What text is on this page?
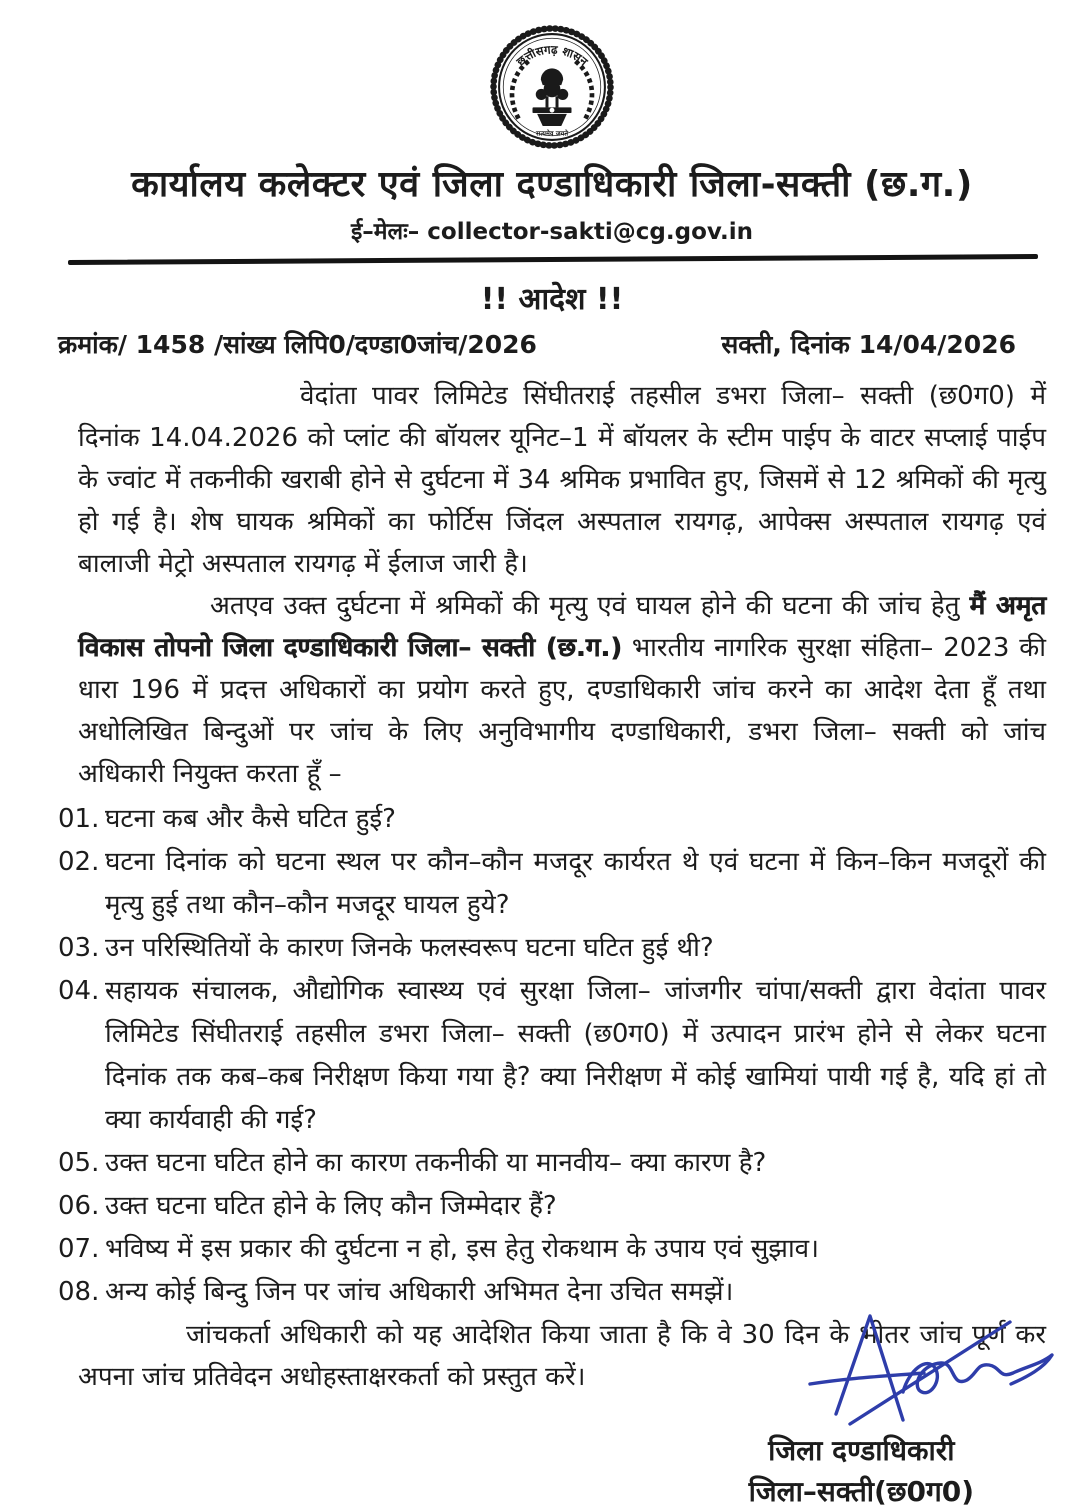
छत्तीसगढ़ शासन
सत्यमेव जयते
कार्यालय कलेक्टर एवं जिला दण्डाधिकारी जिला-सक्ती (छ.ग.)
ई–मेलः– collector-sakti@cg.gov.in
!! आदेश !!
क्रमांक/ 1458 /सांख्य लिपि0/दण्डा0जांच/2026	सक्ती, दिनांक 14/04/2026

वेदांता पावर लिमिटेड सिंघीतराई तहसील डभरा जिला– सक्ती (छ0ग0) में दिनांक 14.04.2026 को प्लांट की बॉयलर यूनिट–1 में बॉयलर के स्टीम पाईप के वाटर सप्लाई पाईप के ज्वांट में तकनीकी खराबी होने से दुर्घटना में 34 श्रमिक प्रभावित हुए, जिसमें से 12 श्रमिकों की मृत्यु हो गई है। शेष घायक श्रमिकों का फोर्टिस जिंदल अस्पताल रायगढ़, आपेक्स अस्पताल रायगढ़ एवं बालाजी मेट्रो अस्पताल रायगढ़ में ईलाज जारी है।

अतएव उक्त दुर्घटना में श्रमिकों की मृत्यु एवं घायल होने की घटना की जांच हेतु मैं अमृत विकास तोपनो जिला दण्डाधिकारी जिला– सक्ती (छ.ग.) भारतीय नागरिक सुरक्षा संहिता– 2023 की धारा 196 में प्रदत्त अधिकारों का प्रयोग करते हुए, दण्डाधिकारी जांच करने का आदेश देता हूँ तथा अधोलिखित बिन्दुओं पर जांच के लिए अनुविभागीय दण्डाधिकारी, डभरा जिला– सक्ती को जांच अधिकारी नियुक्त करता हूँ –

01. घटना कब और कैसे घटित हुई?
02. घटना दिनांक को घटना स्थल पर कौन–कौन मजदूर कार्यरत थे एवं घटना में किन–किन मजदूरों की मृत्यु हुई तथा कौन–कौन मजदूर घायल हुये?
03. उन परिस्थितियों के कारण जिनके फलस्वरूप घटना घटित हुई थी?
04. सहायक संचालक, औद्योगिक स्वास्थ्य एवं सुरक्षा जिला– जांजगीर चांपा/सक्ती द्वारा वेदांता पावर लिमिटेड सिंघीतराई तहसील डभरा जिला– सक्ती (छ0ग0) में उत्पादन प्रारंभ होने से लेकर घटना दिनांक तक कब–कब निरीक्षण किया गया है? क्या निरीक्षण में कोई खामियां पायी गई है, यदि हां तो क्या कार्यवाही की गई?
05. उक्त घटना घटित होने का कारण तकनीकी या मानवीय– क्या कारण है?
06. उक्त घटना घटित होने के लिए कौन जिम्मेदार हैं?
07. भविष्य में इस प्रकार की दुर्घटना न हो, इस हेतु रोकथाम के उपाय एवं सुझाव।
08. अन्य कोई बिन्दु जिन पर जांच अधिकारी अभिमत देना उचित समझें।

जांचकर्ता अधिकारी को यह आदेशित किया जाता है कि वे 30 दिन के भीतर जांच पूर्ण कर अपना जांच प्रतिवेदन अधोहस्ताक्षरकर्ता को प्रस्तुत करें।

जिला दण्डाधिकारी
जिला–सक्ती(छ0ग0)
